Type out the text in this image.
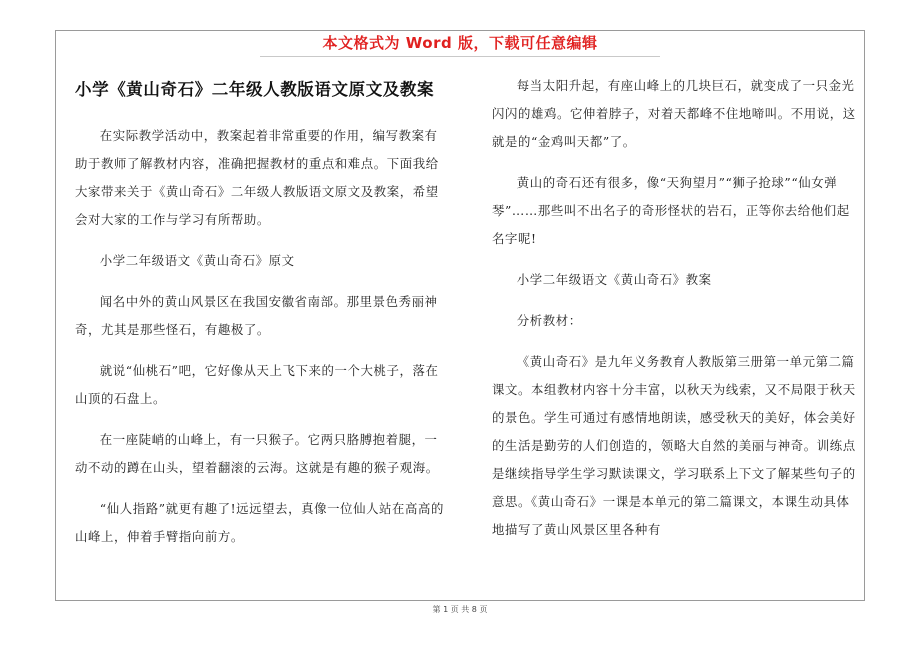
本文格式为 Word 版，下载可任意编辑
小学《黄山奇石》二年级人教版语文原文及教案

在实际教学活动中，教案起着非常重要的作用，编写教案有助于教师了解教材内容，准确把握教材的重点和难点。下面我给大家带来关于《黄山奇石》二年级人教版语文原文及教案，希望会对大家的工作与学习有所帮助。

小学二年级语文《黄山奇石》原文

闻名中外的黄山风景区在我国安徽省南部。那里景色秀丽神奇，尤其是那些怪石，有趣极了。

就说“仙桃石”吧，它好像从天上飞下来的一个大桃子，落在山顶的石盘上。

在一座陡峭的山峰上，有一只猴子。它两只胳膊抱着腿，一动不动的蹲在山头，望着翻滚的云海。这就是有趣的猴子观海。

“仙人指路”就更有趣了!远远望去，真像一位仙人站在高高的山峰上，伸着手臂指向前方。

每当太阳升起，有座山峰上的几块巨石，就变成了一只金光闪闪的雄鸡。它伸着脖子，对着天都峰不住地啼叫。不用说，这就是的“金鸡叫天都”了。

黄山的奇石还有很多，像“天狗望月”“狮子抢球”“仙女弹琴”……那些叫不出名子的奇形怪状的岩石，正等你去给他们起名字呢!

小学二年级语文《黄山奇石》教案

分析教材：

《黄山奇石》是九年义务教育人教版第三册第一单元第二篇课文。本组教材内容十分丰富，以秋天为线索，又不局限于秋天的景色。学生可通过有感情地朗读，感受秋天的美好，体会美好的生活是勤劳的人们创造的，领略大自然的美丽与神奇。训练点是继续指导学生学习默读课文，学习联系上下文了解某些句子的意思。《黄山奇石》一课是本单元的第二篇课文，本课生动具体地描写了黄山风景区里各种有

第 1 页 共 8 页
